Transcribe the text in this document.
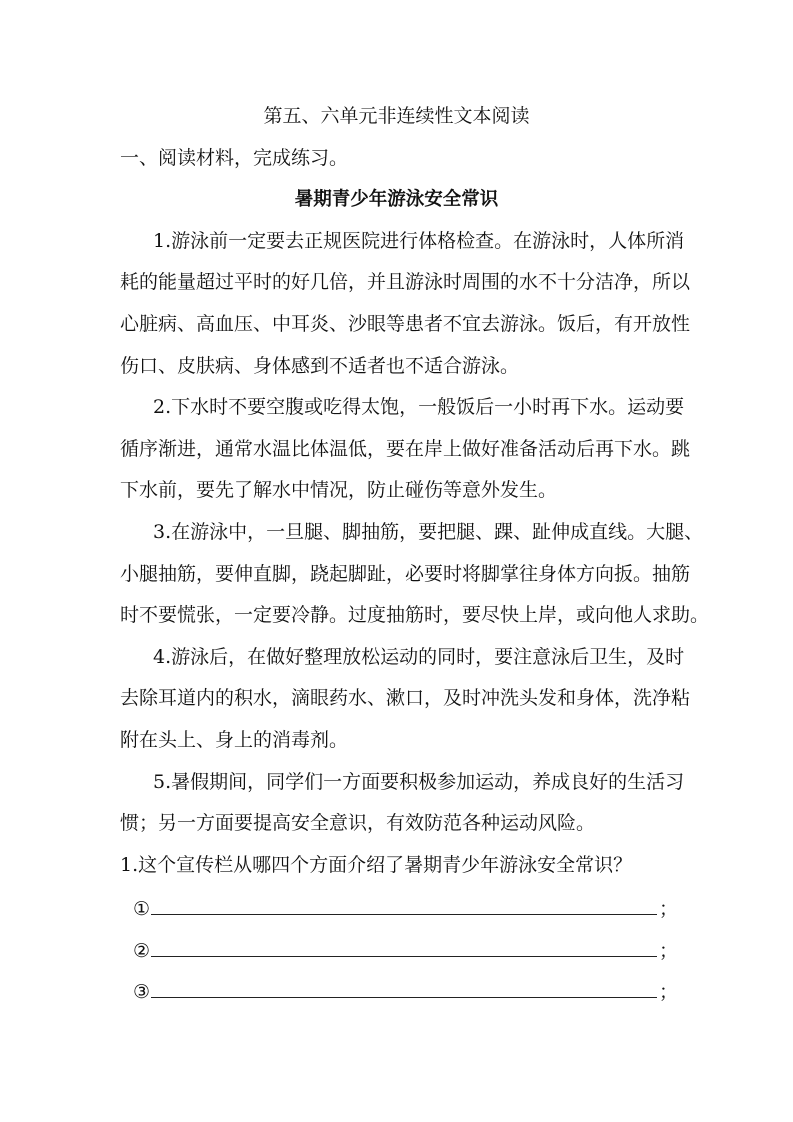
第五、六单元非连续性文本阅读
一、阅读材料，完成练习。
暑期青少年游泳安全常识
1.游泳前一定要去正规医院进行体格检查。在游泳时，人体所消
耗的能量超过平时的好几倍，并且游泳时周围的水不十分洁净，所以
心脏病、高血压、中耳炎、沙眼等患者不宜去游泳。饭后，有开放性
伤口、皮肤病、身体感到不适者也不适合游泳。
2.下水时不要空腹或吃得太饱，一般饭后一小时再下水。运动要
循序渐进，通常水温比体温低，要在岸上做好准备活动后再下水。跳
下水前，要先了解水中情况，防止碰伤等意外发生。
3.在游泳中，一旦腿、脚抽筋，要把腿、踝、趾伸成直线。大腿、
小腿抽筋，要伸直脚，跷起脚趾，必要时将脚掌往身体方向扳。抽筋
时不要慌张，一定要冷静。过度抽筋时，要尽快上岸，或向他人求助。
4.游泳后，在做好整理放松运动的同时，要注意泳后卫生，及时
去除耳道内的积水，滴眼药水、漱口，及时冲洗头发和身体，洗净粘
附在头上、身上的消毒剂。
5.暑假期间，同学们一方面要积极参加运动，养成良好的生活习
惯；另一方面要提高安全意识，有效防范各种运动风险。
1.这个宣传栏从哪四个方面介绍了暑期青少年游泳安全常识？
①	；
②	；
③	；
